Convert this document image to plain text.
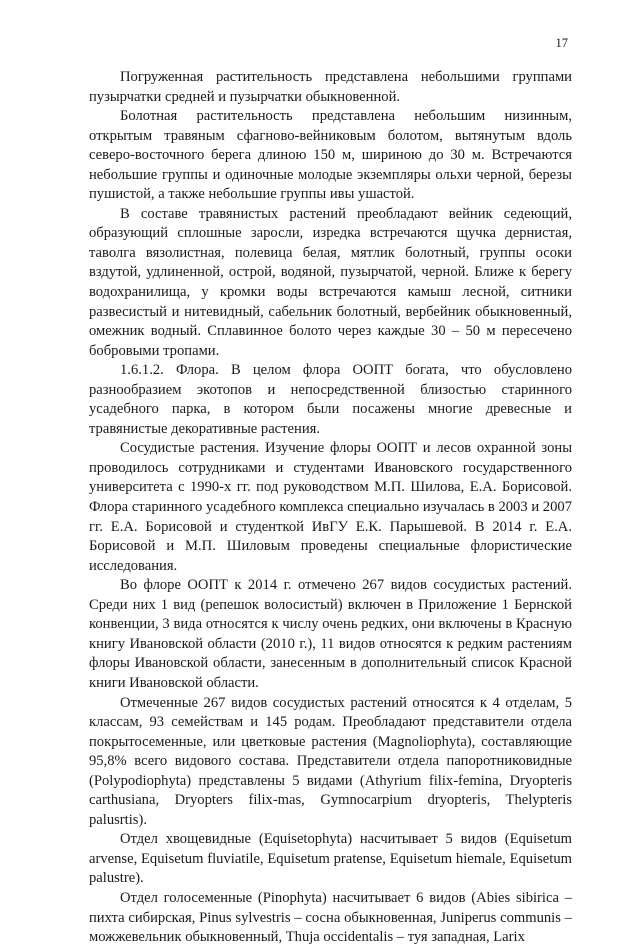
17

Погруженная растительность представлена небольшими группами пузырчатки средней и пузырчатки обыкновенной.

Болотная растительность представлена небольшим низинным, открытым травяным сфагново-вейниковым болотом, вытянутым вдоль северо-восточного берега длиною 150 м, шириною до 30 м. Встречаются небольшие группы и одиночные молодые экземпляры ольхи черной, березы пушистой, а также небольшие группы ивы ушастой.

В составе травянистых растений преобладают вейник седеющий, образующий сплошные заросли, изредка встречаются щучка дернистая, таволга вязолистная, полевица белая, мятлик болотный, группы осоки вздутой, удлиненной, острой, водяной, пузырчатой, черной. Ближе к берегу водохранилища, у кромки воды встречаются камыш лесной, ситники развесистый и нитевидный, сабельник болотный, вербейник обыкновенный, омежник водный. Сплавинное болото через каждые 30 – 50 м пересечено бобровыми тропами.

1.6.1.2. Флора. В целом флора ООПТ богата, что обусловлено разнообразием экотопов и непосредственной близостью старинного усадебного парка, в котором были посажены многие древесные и травянистые декоративные растения.

Сосудистые растения. Изучение флоры ООПТ и лесов охранной зоны проводилось сотрудниками и студентами Ивановского государственного университета с 1990-х гг. под руководством М.П. Шилова, Е.А. Борисовой. Флора старинного усадебного комплекса специально изучалась в 2003 и 2007 гг. Е.А. Борисовой и студенткой ИвГУ Е.К. Парышевой. В 2014 г. Е.А. Борисовой и М.П. Шиловым проведены специальные флористические исследования.

Во флоре ООПТ к 2014 г. отмечено 267 видов сосудистых растений. Среди них 1 вид (репешок волосистый) включен в Приложение 1 Бернской конвенции, 3 вида относятся к числу очень редких, они включены в Красную книгу Ивановской области (2010 г.), 11 видов относятся к редким растениям флоры Ивановской области, занесенным в дополнительный список Красной книги Ивановской области.

Отмеченные 267 видов сосудистых растений относятся к 4 отделам, 5 классам, 93 семействам и 145 родам. Преобладают представители отдела покрытосеменные, или цветковые растения (Magnoliophyta), составляющие 95,8% всего видового состава. Представители отдела папоротниковидные (Polypodiophyta) представлены 5 видами (Athyrium filix-femina, Dryopteris carthusiana, Dryopters filix-mas, Gymnocarpium dryopteris, Thelypteris palusrtis).

Отдел хвощевидные (Equisetophyta) насчитывает 5 видов (Equisetum arvense, Equisetum fluviatile, Equisetum pratense, Equisetum hiemale, Equisetum palustre).

Отдел голосеменные (Pinophyta) насчитывает 6 видов (Abies sibirica – пихта сибирская, Pinus sylvestris – сосна обыкновенная, Juniperus communis – можжевельник обыкновенный, Thuja occidentalis – туя западная, Larix
